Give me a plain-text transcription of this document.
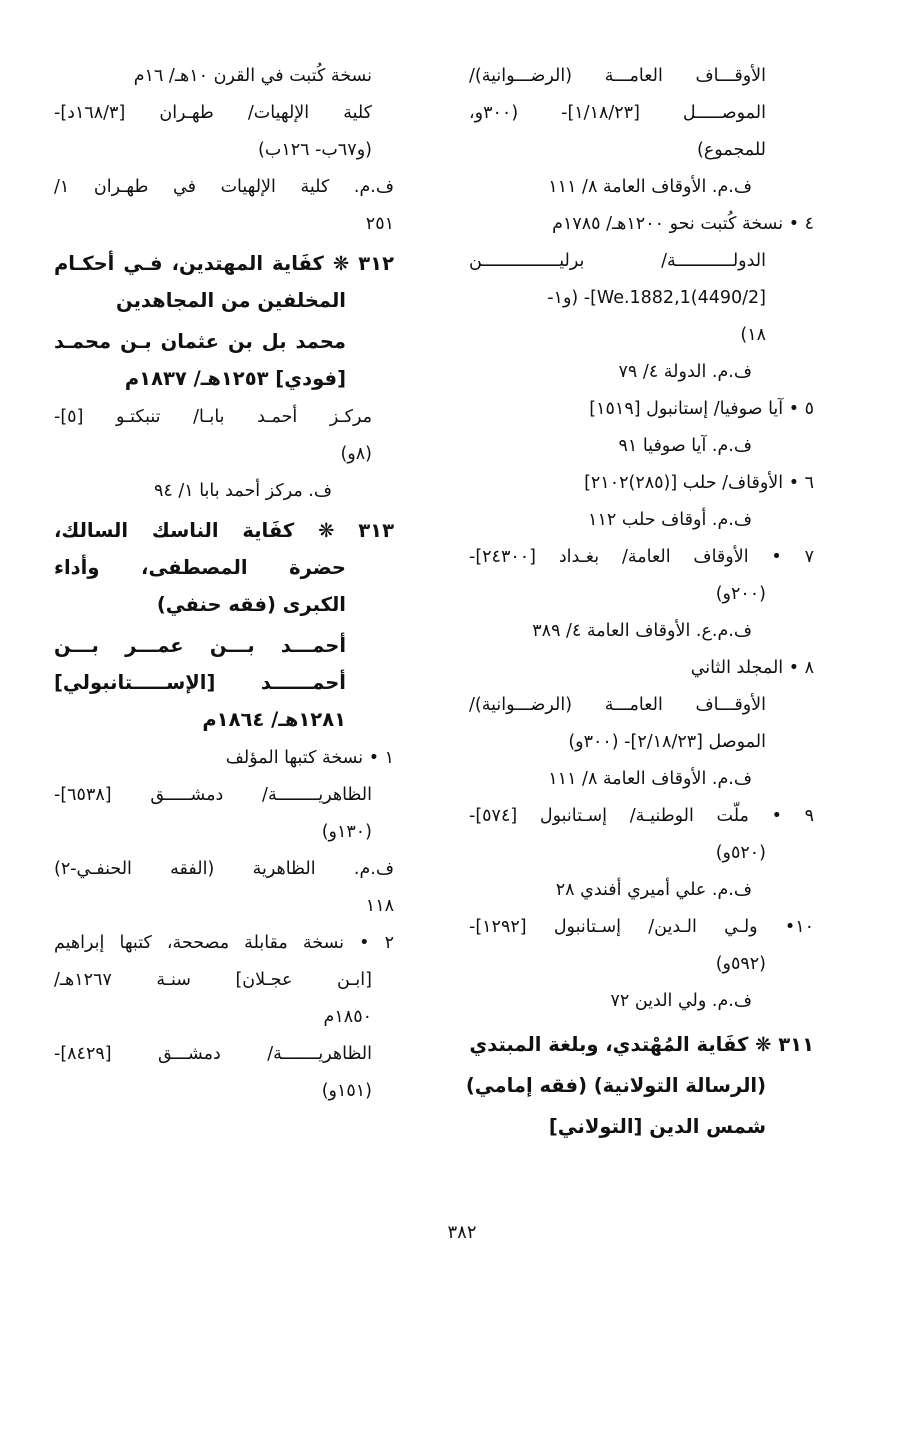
الأوقـــاف العامـــة (الرضـــوانية)/
الموصـــــل [١/١٨/٢٣]- (٣٠٠و،
للمجموع)
ف.م. الأوقاف العامة ٨/ ١١١
٤ • نسخة كُتبت نحو ١٢٠٠هـ/ ١٧٨٥م
الدولـــــــــــة/ برليـــــــــــــــن
[4490/2)We.1882,1]- (و١-
١٨)
ف.م. الدولة ٤/ ٧٩
٥ • آيا صوفيا/ إستانبول [١٥١٩]
ف.م. آيا صوفيا ٩١
٦ • الأوقاف/ حلب [(٢٨٥)٢١٠٢]
ف.م. أوقاف حلب ١١٢
٧ • الأوقاف العامة/ بغـداد [٢٤٣٠٠]-
(٢٠٠و)
ف.م.ع. الأوقاف العامة ٤/ ٣٨٩
٨ • المجلد الثاني
الأوقـــاف العامـــة (الرضـــوانية)/
الموصل [٢/١٨/٢٣]- (٣٠٠و)
ف.م. الأوقاف العامة ٨/ ١١١
٩ • ملّت الوطنيـة/ إسـتانبول [٥٧٤]-
(٥٢٠و)
ف.م. علي أميري أفندي ٢٨
١٠• ولـي الـدين/ إسـتانبول [١٢٩٢]-
(٥٩٢و)
ف.م. ولي الدين ٧٢
٣١١ ❋ كفَاية المُهْتدي، وبلغة المبتدي
(الرسالة التولانية) (فقه إمامي)
شمس الدين [التولاني]
نسخة كُتبت في القرن ١٠هـ/ ١٦م
كلية الإلهيات/ طهـران [١٦٨/٣د]-
(و٦٧ب- ١٢٦ب)
ف.م. كلية الإلهيات في طهـران ١/
٢٥١
٣١٢ ❋ كفَاية المهتدين، فـي أحكـام
المخلفين من المجاهدين
محمد بل بن عثمان بـن محمـد
[فودي] ١٢٥٣هـ/ ١٨٣٧م
مركـز أحمـد بابـا/ تنبكتـو [٥]-
(٨و)
ف. مركز أحمد بابا ١/ ٩٤
٣١٣ ❋ كفَاية الناسك السالك،
حضرة المصطفى، وأداء
الكبرى (فقه حنفي)
أحمـــد بـــن عمـــر بـــن
أحمــــــد [الإســـــتانبولي]
١٢٨١هـ/ ١٨٦٤م
١ • نسخة كتبها المؤلف
الظاهريــــــــة/ دمشـــــق [٦٥٣٨]-
(١٣٠و)
ف.م. الظاهرية (الفقه الحنفـي-٢)
١١٨
٢ • نسخة مقابلة مصححة، كتبها إبراهيم
[ابـن عجـلان] سنـة ١٢٦٧هـ/
١٨٥٠م
الظاهريـــــــة/ دمشـــق [٨٤٢٩]-
(١٥١و)
٣٨٢
